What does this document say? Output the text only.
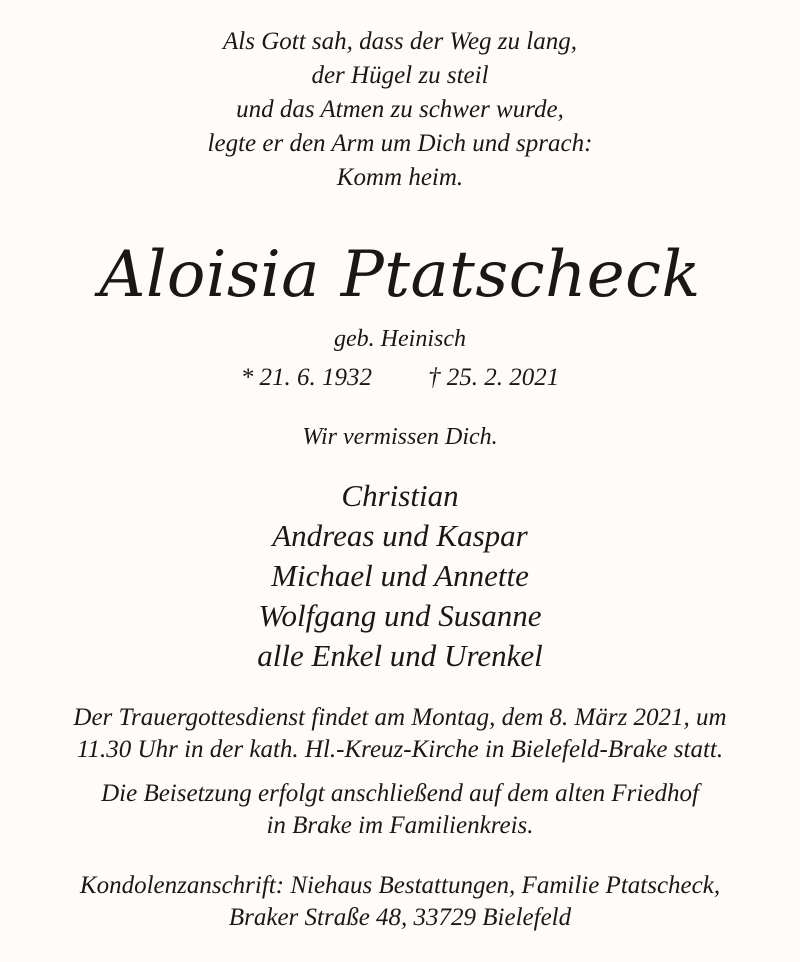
Als Gott sah, dass der Weg zu lang,
der Hügel zu steil
und das Atmen zu schwer wurde,
legte er den Arm um Dich und sprach:
Komm heim.
Aloisia Ptatscheck
geb. Heinisch
* 21. 6. 1932 † 25. 2. 2021
Wir vermissen Dich.
Christian
Andreas und Kaspar
Michael und Annette
Wolfgang und Susanne
alle Enkel und Urenkel
Der Trauergottesdienst findet am Montag, dem 8. März 2021, um
11.30 Uhr in der kath. Hl.-Kreuz-Kirche in Bielefeld-Brake statt.
Die Beisetzung erfolgt anschließend auf dem alten Friedhof
in Brake im Familienkreis.
Kondolenzanschrift: Niehaus Bestattungen, Familie Ptatscheck,
Braker Straße 48, 33729 Bielefeld
